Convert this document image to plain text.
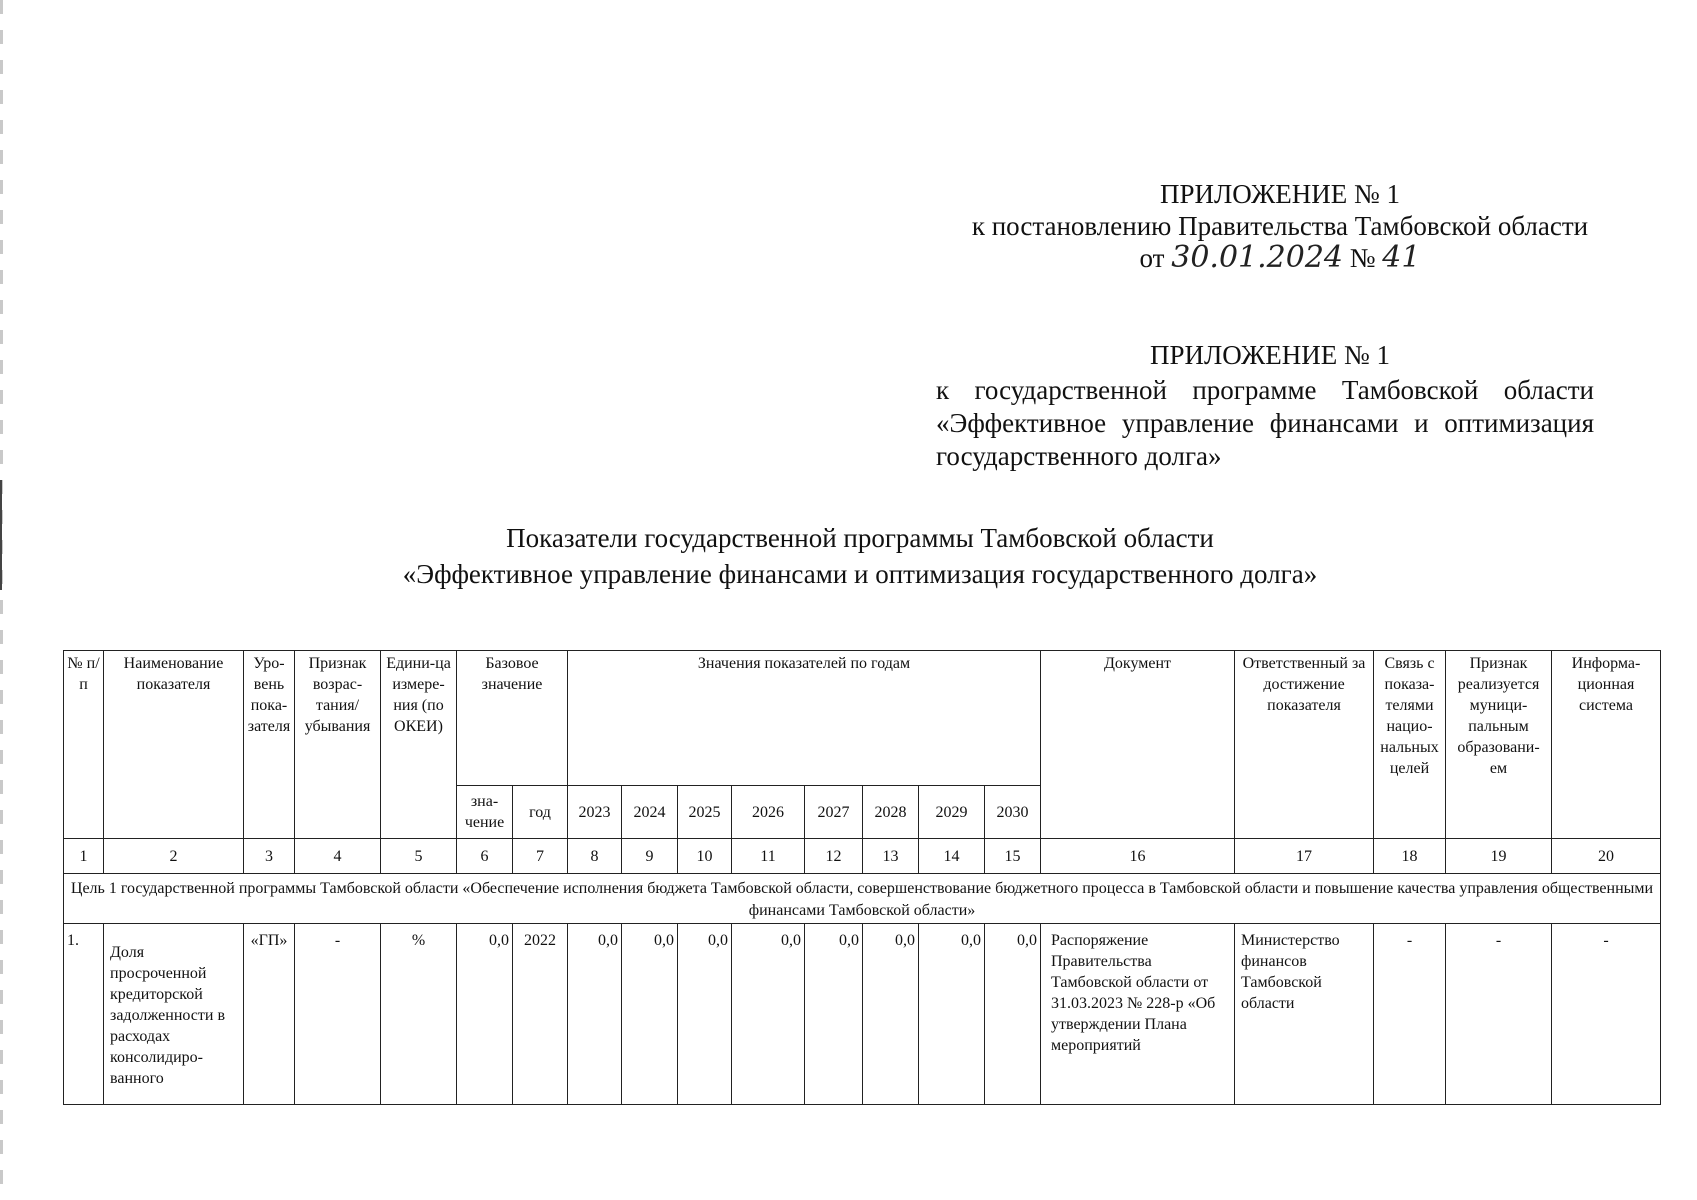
ПРИЛОЖЕНИЕ № 1
к постановлению Правительства Тамбовской области
от 30.01.2024 № 41
ПРИЛОЖЕНИЕ № 1
к государственной программе Тамбовской области «Эффективное управление финансами и оптимизация государственного долга»
Показатели государственной программы Тамбовской области
«Эффективное управление финансами и оптимизация государственного долга»
№ п/п	Наименование показателя	Уро-вень пока-зателя	Признак возрас-тания/ убывания	Едини-ца измере-ния (по ОКЕИ)	Базовое значение		Значения показателей по годам								Документ	Ответственный за достижение показателя	Связь с показа-телями нацио-нальных целей	Признак реализуется муници-пальным образовани-ем	Информа-ционная система
					зна-чение	год	2023	2024	2025	2026	2027	2028	2029	2030					
1	2	3	4	5	6	7	8	9	10	11	12	13	14	15	16	17	18	19	20
Цель 1 государственной программы Тамбовской области «Обеспечение исполнения бюджета Тамбовской области, совершенствование бюджетного процесса в Тамбовской области и повышение качества управления общественными финансами Тамбовской области»																			
1.	Доля просроченной кредиторской задолженности в расходах консолидиро-ванного	«ГП»	-	%	0,0	2022	0,0	0,0	0,0	0,0	0,0	0,0	0,0	0,0	Распоряжение Правительства Тамбовской области от 31.03.2023 № 228-р «Об утверждении Плана мероприятий	Министерство финансов Тамбовской области	-	-	-
